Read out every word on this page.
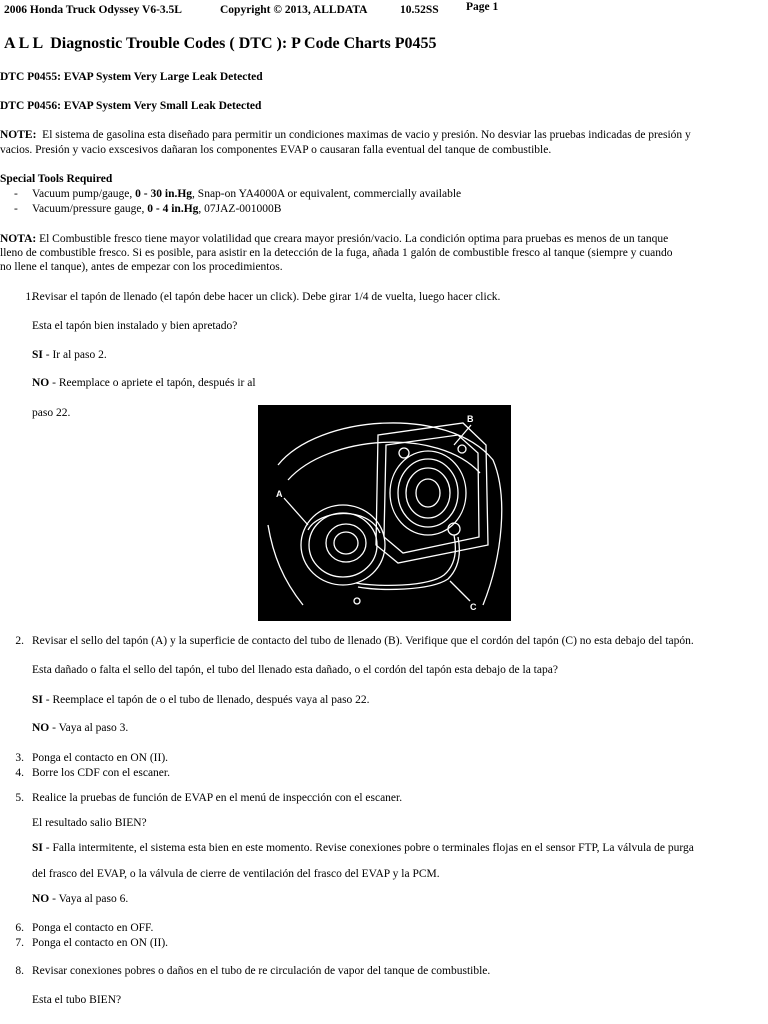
2006 Honda Truck Odyssey V6-3.5L	Copyright © 2013, ALLDATA	10.52SS Page 1
A L L  Diagnostic Trouble Codes ( DTC ): P Code Charts P0455
DTC P0455: EVAP System Very Large Leak Detected
DTC P0456: EVAP System Very Small Leak Detected
NOTE: El sistema de gasolina esta diseñado para permitir un condiciones maximas de vacio y presión. No desviar las pruebas indicadas de presión y
vacios. Presión y vacio exscesivos dañaran los componentes EVAP o causaran falla eventual del tanque de combustible.
Special Tools Required
- Vacuum pump/gauge, 0 - 30 in.Hg, Snap-on YA4000A or equivalent, commercially available
- Vacuum/pressure gauge, 0 - 4 in.Hg, 07JAZ-001000B
NOTA: El Combustible fresco tiene mayor volatilidad que creara mayor presión/vacio. La condición optima para pruebas es menos de un tanque
lleno de combustible fresco. Si es posible, para asistir en la detección de la fuga, añada 1 galón de combustible fresco al tanque (siempre y cuando
no llene el tanque), antes de empezar con los procedimientos.
1.
Revisar el tapón de llenado (el tapón debe hacer un click). Debe girar 1/4 de vuelta, luego hacer click.
Esta el tapón bien instalado y bien apretado?
SI - Ir al paso 2.
NO - Reemplace o apriete el tapón, después ir al
paso 22.
A
B
C
2. Revisar el sello del tapón (A) y la superficie de contacto del tubo de llenado (B). Verifique que el cordón del tapón (C) no esta debajo del tapón.
Esta dañado o falta el sello del tapón, el tubo del llenado esta dañado, o el cordón del tapón esta debajo de la tapa?
SI - Reemplace el tapón de o el tubo de llenado, después vaya al paso 22.
NO - Vaya al paso 3.
3. Ponga el contacto en ON (II).
4. Borre los CDF con el escaner.
5. Realice la pruebas de función de EVAP en el menú de inspección con el escaner.
El resultado salio BIEN?
SI - Falla intermitente, el sistema esta bien en este momento. Revise conexiones pobre o terminales flojas en el sensor FTP, La válvula de purga
del frasco del EVAP, o la válvula de cierre de ventilación del frasco del EVAP y la PCM.
NO - Vaya al paso 6.
6. Ponga el contacto en OFF.
7. Ponga el contacto en ON (II).
8. Revisar conexiones pobres o daños en el tubo de re circulación de vapor del tanque de combustible.
Esta el tubo BIEN?
